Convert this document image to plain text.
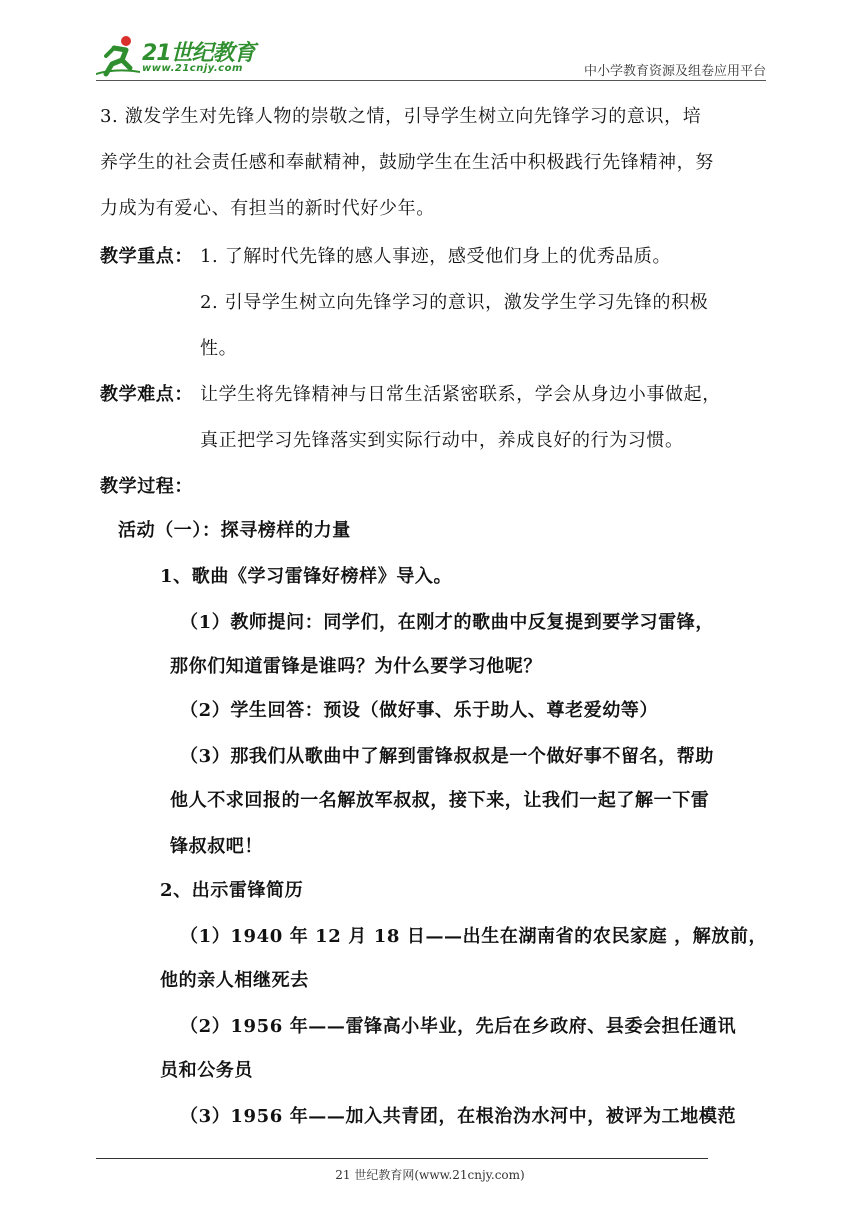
21世纪教育
www.21cnjy.com	中小学教育资源及组卷应用平台
3. 激发学生对先锋人物的崇敬之情，引导学生树立向先锋学习的意识，培
养学生的社会责任感和奉献精神，鼓励学生在生活中积极践行先锋精神，努
力成为有爱心、有担当的新时代好少年。
教学重点： 1. 了解时代先锋的感人事迹，感受他们身上的优秀品质。
2. 引导学生树立向先锋学习的意识，激发学生学习先锋的积极
性。
教学难点： 让学生将先锋精神与日常生活紧密联系，学会从身边小事做起，
真正把学习先锋落实到实际行动中，养成良好的行为习惯。
教学过程：
活动（一）：探寻榜样的力量
1、歌曲《学习雷锋好榜样》导入。
（1）教师提问：同学们，在刚才的歌曲中反复提到要学习雷锋，
那你们知道雷锋是谁吗？为什么要学习他呢？
（2）学生回答：预设（做好事、乐于助人、尊老爱幼等）
（3）那我们从歌曲中了解到雷锋叔叔是一个做好事不留名，帮助
他人不求回报的一名解放军叔叔，接下来，让我们一起了解一下雷
锋叔叔吧！
2、出示雷锋简历
（1）1940 年 12 月 18 日——出生在湖南省的农民家庭 ，解放前，
他的亲人相继死去
（2）1956 年——雷锋高小毕业，先后在乡政府、县委会担任通讯
员和公务员
（3）1956 年——加入共青团，在根治沩水河中，被评为工地模范
21 世纪教育网(www.21cnjy.com)
